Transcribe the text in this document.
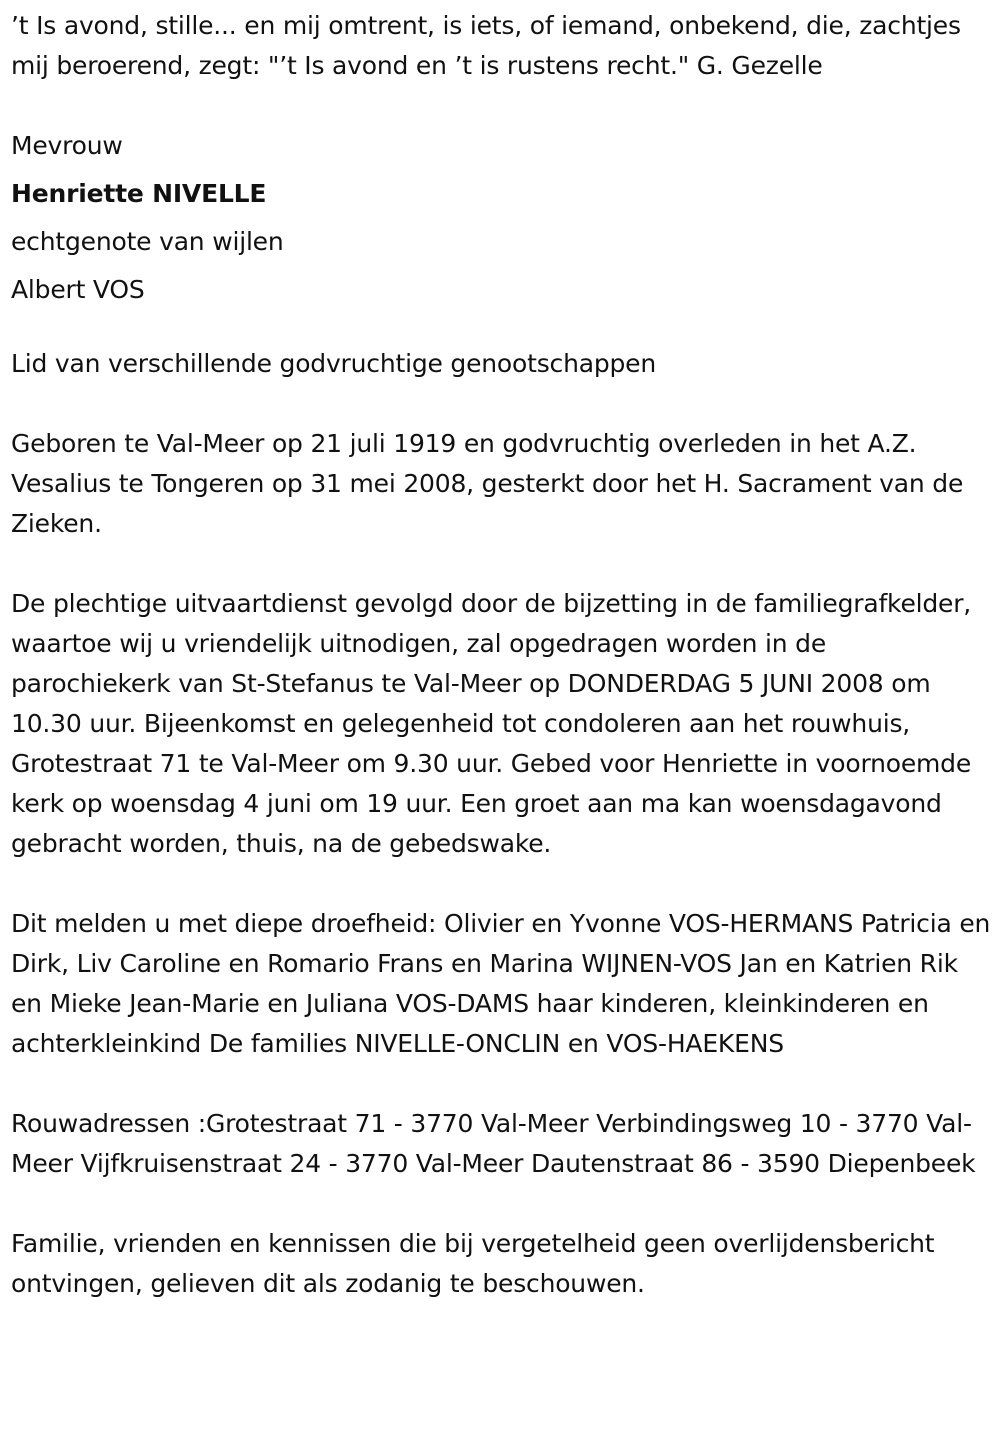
’t Is avond, stille... en mij omtrent, is iets, of iemand, onbekend, die, zachtjes mij beroerend, zegt: "’t Is avond en ’t is rustens recht." G. Gezelle

Mevrouw

Henriette NIVELLE

echtgenote van wijlen

Albert VOS

Lid van verschillende godvruchtige genootschappen

Geboren te Val-Meer op 21 juli 1919 en godvruchtig overleden in het A.Z. Vesalius te Tongeren op 31 mei 2008, gesterkt door het H. Sacrament van de Zieken.

De plechtige uitvaartdienst gevolgd door de bijzetting in de familiegrafkelder, waartoe wij u vriendelijk uitnodigen, zal opgedragen worden in de parochiekerk van St-Stefanus te Val-Meer op DONDERDAG 5 JUNI 2008 om 10.30 uur. Bijeenkomst en gelegenheid tot condoleren aan het rouwhuis, Grotestraat 71 te Val-Meer om 9.30 uur. Gebed voor Henriette in voornoemde kerk op woensdag 4 juni om 19 uur. Een groet aan ma kan woensdagavond gebracht worden, thuis, na de gebedswake.

Dit melden u met diepe droefheid: Olivier en Yvonne VOS-HERMANS Patricia en Dirk, Liv Caroline en Romario Frans en Marina WIJNEN-VOS Jan en Katrien Rik en Mieke Jean-Marie en Juliana VOS-DAMS haar kinderen, kleinkinderen en achterkleinkind De families NIVELLE-ONCLIN en VOS-HAEKENS

Rouwadressen :Grotestraat 71 - 3770 Val-Meer Verbindingsweg 10 - 3770 Val-Meer Vijfkruisenstraat 24 - 3770 Val-Meer Dautenstraat 86 - 3590 Diepenbeek

Familie, vrienden en kennissen die bij vergetelheid geen overlijdensbericht ontvingen, gelieven dit als zodanig te beschouwen.
